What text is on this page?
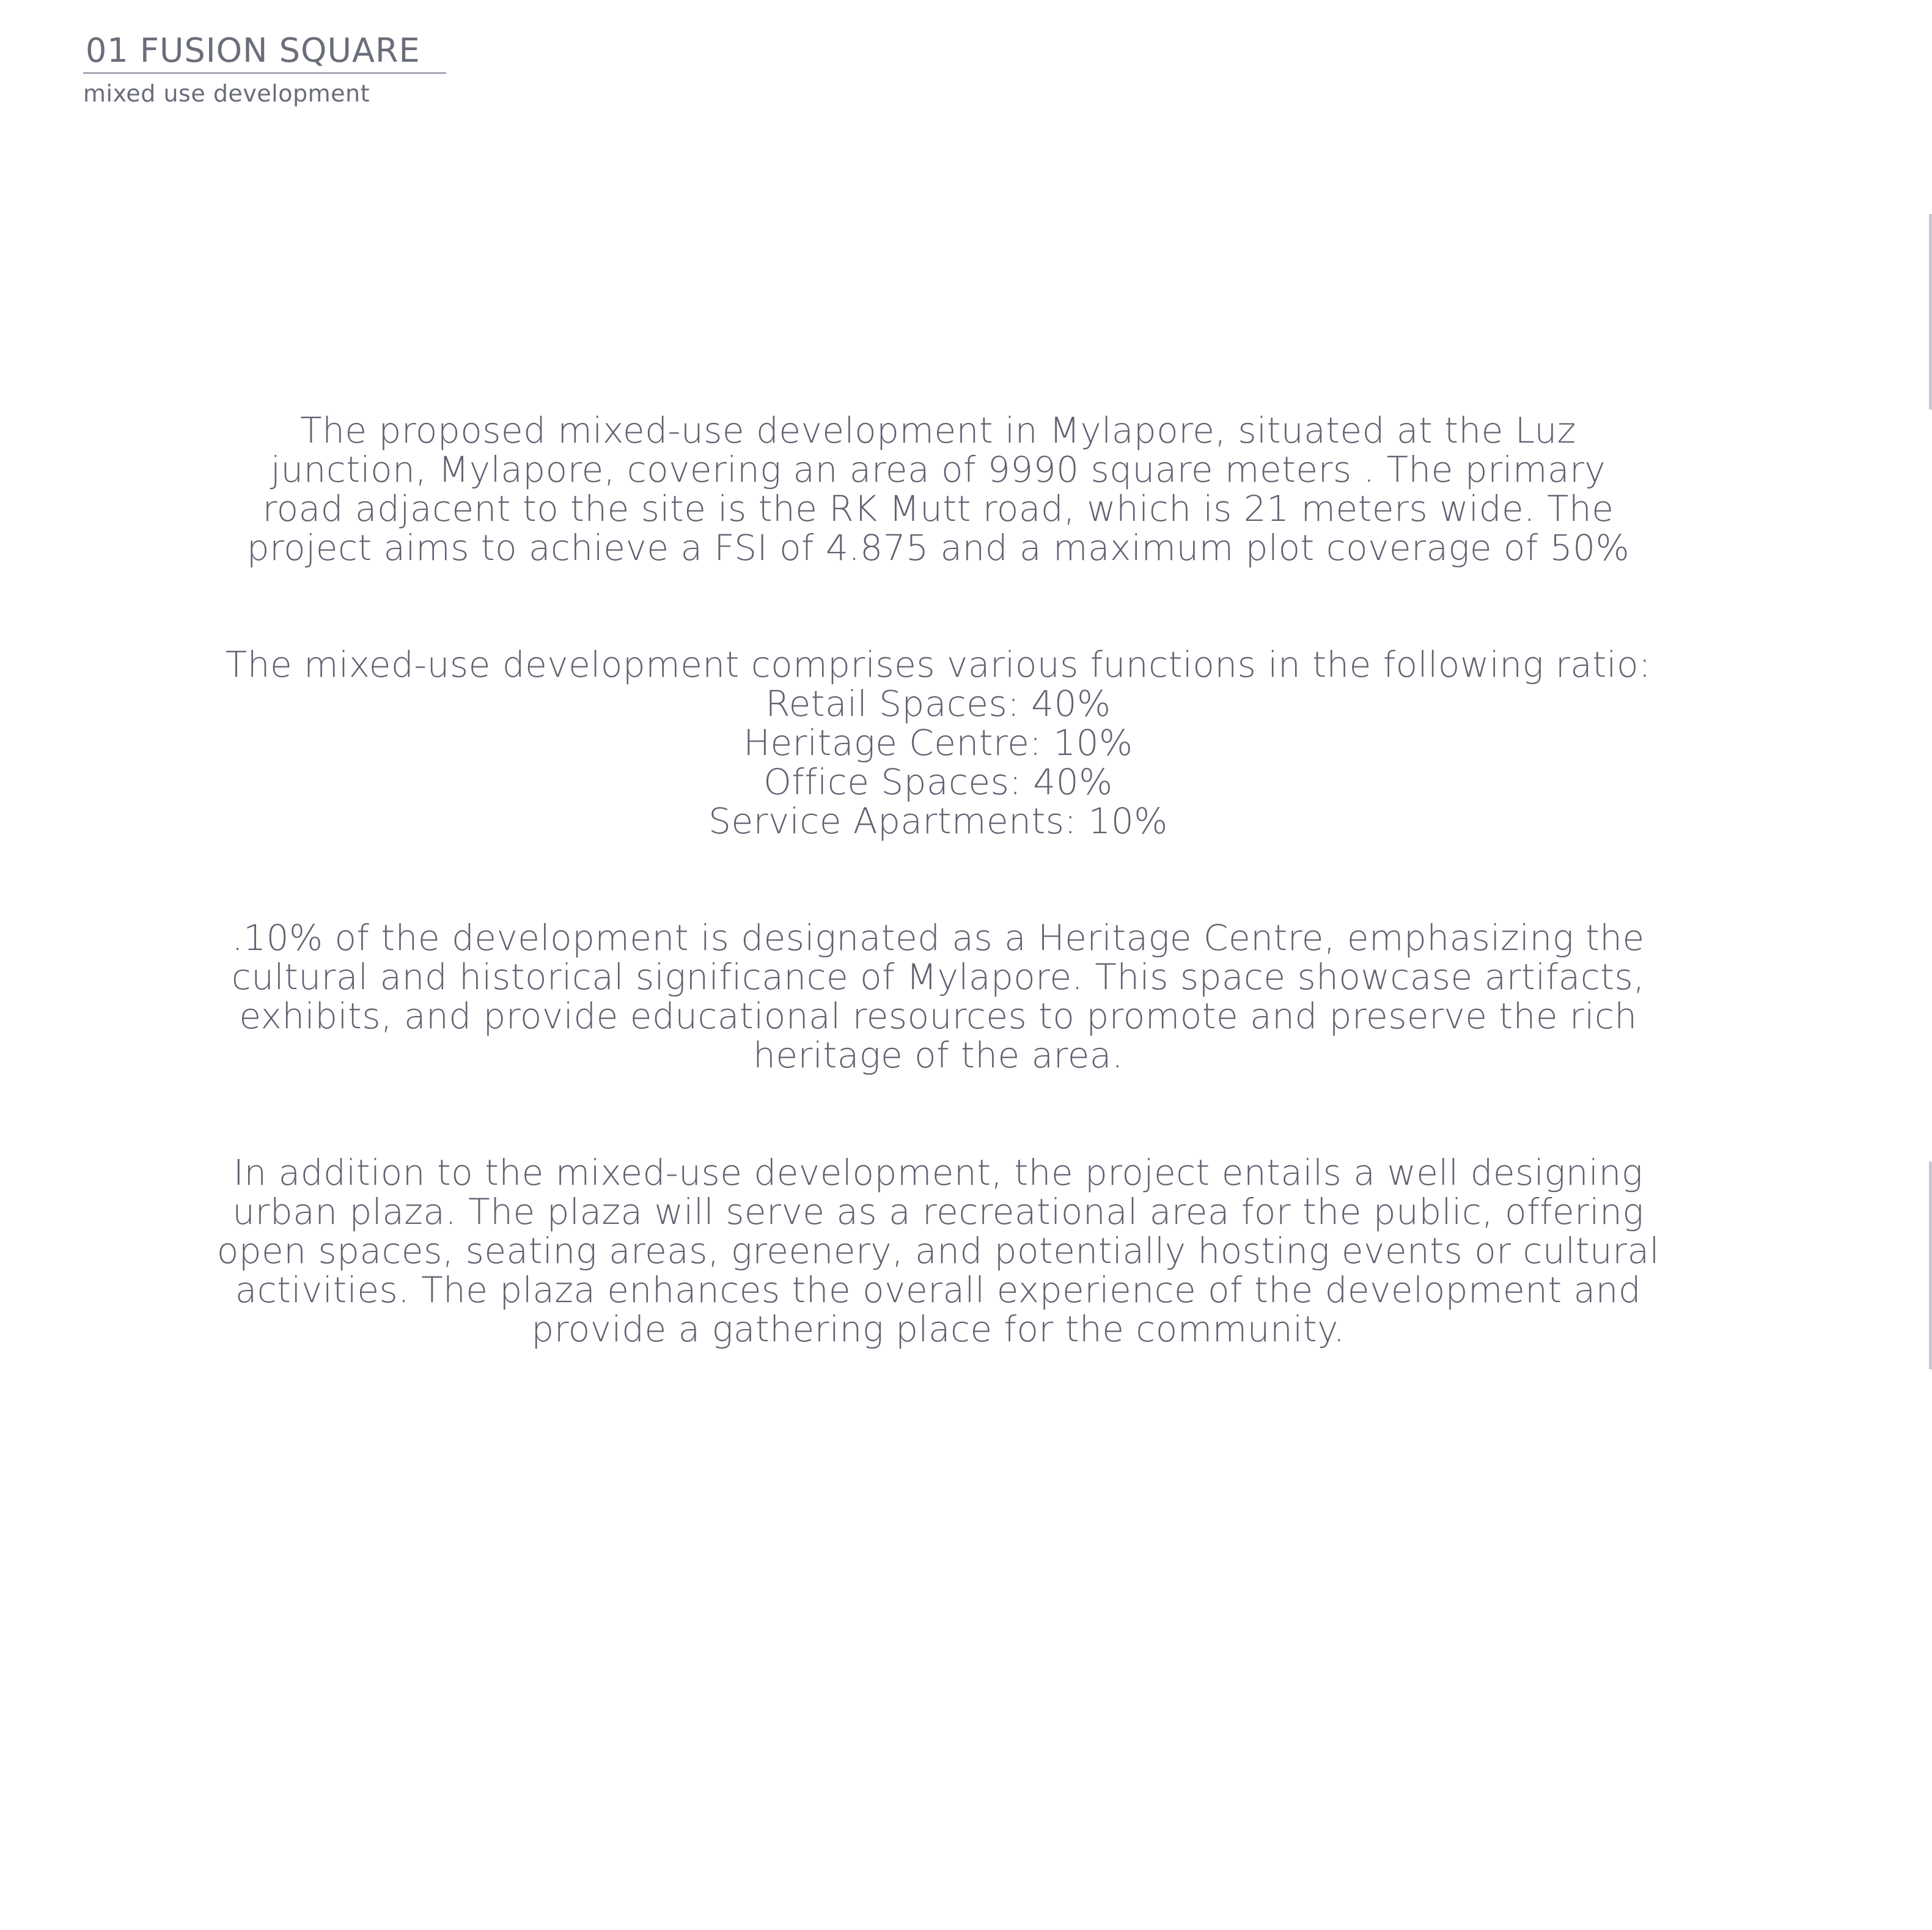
01 FUSION SQUARE
mixed use development
The proposed mixed-use development in Mylapore, situated at the Luz
junction, Mylapore, covering an area of 9990 square meters . The primary
road adjacent to the site is the RK Mutt road, which is 21 meters wide. The
project aims to achieve a FSI of 4.875 and a maximum plot coverage of 50%
The mixed-use development comprises various functions in the following ratio:
Retail Spaces: 40%
Heritage Centre: 10%
Office Spaces: 40%
Service Apartments: 10%
.10% of the development is designated as a Heritage Centre, emphasizing the
cultural and historical significance of Mylapore. This space showcase artifacts,
exhibits, and provide educational resources to promote and preserve the rich
heritage of the area.
In addition to the mixed-use development, the project entails a well designing
urban plaza. The plaza will serve as a recreational area for the public, offering
open spaces, seating areas, greenery, and potentially hosting events or cultural
activities. The plaza enhances the overall experience of the development and
provide a gathering place for the community.
